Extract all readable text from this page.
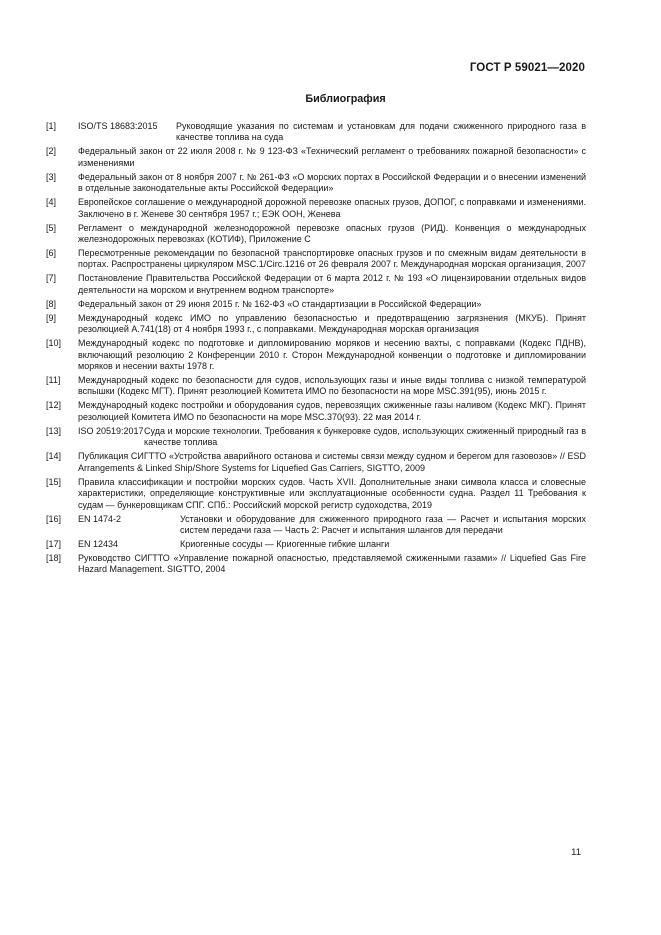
ГОСТ Р 59021—2020
Библиография
[1] ISO/TS 18683:2015 Руководящие указания по системам и установкам для подачи сжиженного природного газа в качестве топлива на суда
[2] Федеральный закон от 22 июля 2008 г. № 9 123-ФЗ «Технический регламент о требованиях пожарной безопасности» с изменениями
[3] Федеральный закон от 8 ноября 2007 г. № 261-ФЗ «О морских портах в Российской Федерации и о внесении изменений в отдельные законодательные акты Российской Федерации»
[4] Европейское соглашение о международной дорожной перевозке опасных грузов, ДОПОГ, с поправками и изменениями. Заключено в г. Женеве 30 сентября 1957 г.; ЕЭК ООН, Женева
[5] Регламент о международной железнодорожной перевозке опасных грузов (РИД). Конвенция о международных железнодорожных перевозках (КОТИФ), Приложение С
[6] Пересмотренные рекомендации по безопасной транспортировке опасных грузов и по смежным видам деятельности в портах. Распространены циркуляром MSC.1/Circ.1216 от 26 февраля 2007 г. Международная морская организация, 2007
[7] Постановление Правительства Российской Федерации от 6 марта 2012 г. № 193 «О лицензировании отдельных видов деятельности на морском и внутреннем водном транспорте»
[8] Федеральный закон от 29 июня 2015 г. № 162-ФЗ «О стандартизации в Российской Федерации»
[9] Международный кодекс ИМО по управлению безопасностью и предотвращению загрязнения (МКУБ). Принят резолюцией A.741(18) от 4 ноября 1993 г., с поправками. Международная морская организация
[10] Международный кодекс по подготовке и дипломированию моряков и несению вахты, с поправками (Кодекс ПДНВ), включающий резолюцию 2 Конференции 2010 г. Сторон Международной конвенции о подготовке и дипломировании моряков и несении вахты 1978 г.
[11] Международный кодекс по безопасности для судов, использующих газы и иные виды топлива с низкой температурой вспышки (Кодекс МГТ). Принят резолюцией Комитета ИМО по безопасности на море MSC.391(95), июнь 2015 г.
[12] Международный кодекс постройки и оборудования судов, перевозящих сжиженные газы наливом (Кодекс МКГ). Принят резолюцией Комитета ИМО по безопасности на море MSC.370(93). 22 мая 2014 г.
[13] ISO 20519:2017 Суда и морские технологии. Требования к бункеровке судов, использующих сжиженный природный газ в качестве топлива
[14] Публикация СИГТТО «Устройства аварийного останова и системы связи между судном и берегом для газовозов» // ESD Arrangements & Linked Ship/Shore Systems for Liquefied Gas Carriers, SIGTTO, 2009
[15] Правила классификации и постройки морских судов. Часть XVII. Дополнительные знаки символа класса и словесные характеристики, определяющие конструктивные или эксплуатационные особенности судна. Раздел 11 Требования к судам — бункеровщикам СПГ. СПб.: Российский морской регистр судоходства, 2019
[16] EN 1474-2	Установки и оборудование для сжиженного природного газа — Расчет и испытания морских систем передачи газа — Часть 2: Расчет и испытания шлангов для передачи
[17] EN 12434	Криогенные сосуды — Криогенные гибкие шланги
[18] Руководство СИГТТО «Управление пожарной опасностью, представляемой сжиженными газами» // Liquefied Gas Fire Hazard Management. SIGTTO, 2004
11
